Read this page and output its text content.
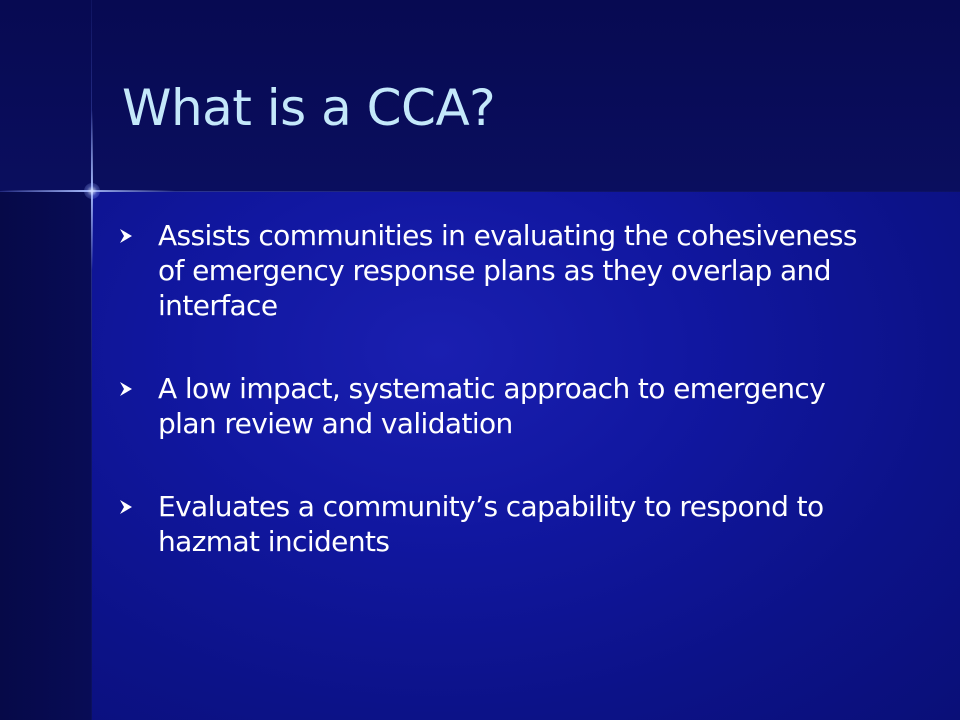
What is a CCA?
Assists communities in evaluating the cohesiveness of emergency response plans as they overlap and interface
A low impact, systematic approach to emergency plan review and validation
Evaluates a community’s capability to respond to hazmat incidents
